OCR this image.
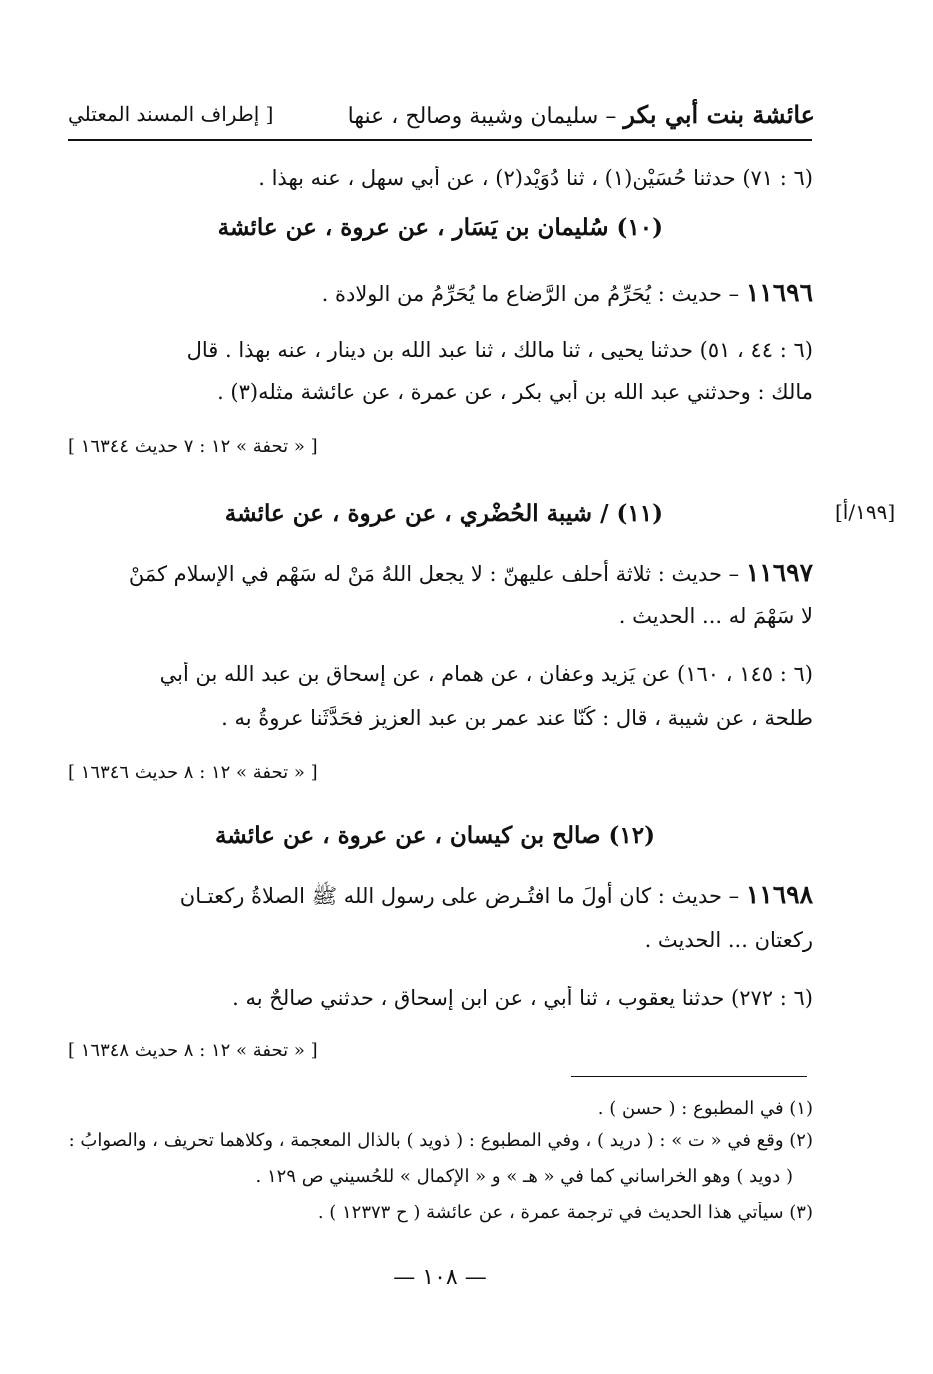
عائشة بنت أبي بكر – سليمان وشيبة وصالح ، عنها
[ إطراف المسند المعتلي
(٦ : ٧١) حدثنا حُسَيْن(١) ، ثنا دُوَيْد(٢) ، عن أبي سهل ، عنه بهذا .
(١٠) سُليمان بن يَسَار ، عن عروة ، عن عائشة
١١٦٩٦ – حديث : يُحَرِّمُ من الرَّضاع ما يُحَرِّمُ من الولادة .
(٦ : ٤٤ ، ٥١) حدثنا يحيى ، ثنا مالك ، ثنا عبد الله بن دينار ، عنه بهذا . قال
مالك : وحدثني عبد الله بن أبي بكر ، عن عمرة ، عن عائشة مثله(٣) .
[ « تحفة » ١٢ : ٧ حديث ١٦٣٤٤ ]
[١٩٩/أ]
(١١) / شيبة الحُضْري ، عن عروة ، عن عائشة
١١٦٩٧ – حديث : ثلاثة أحلف عليهنّ : لا يجعل اللهُ مَنْ له سَهْم في الإسلام كمَنْ
لا سَهْمَ له ... الحديث .
(٦ : ١٤٥ ، ١٦٠) عن يَزيد وعفان ، عن همام ، عن إسحاق بن عبد الله بن أبي
طلحة ، عن شيبة ، قال : كُنّا عند عمر بن عبد العزيز فحَدَّثَنا عروةُ به .
[ « تحفة » ١٢ : ٨ حديث ١٦٣٤٦ ]
(١٢) صالح بن كيسان ، عن عروة ، عن عائشة
١١٦٩٨ – حديث : كان أولَ ما افتُـرض على رسول الله ﷺ الصلاةُ ركعتـان
ركعتان ... الحديث .
(٦ : ٢٧٢) حدثنا يعقوب ، ثنا أبي ، عن ابن إسحاق ، حدثني صالحٌ به .
[ « تحفة » ١٢ : ٨ حديث ١٦٣٤٨ ]
(١) في المطبوع : ( حسن ) .
(٢) وقع في « ت » : ( دريد ) ، وفي المطبوع : ( ذويد ) بالذال المعجمة ، وكلاهما تحريف ، والصوابُ :
( دويد ) وهو الخراساني كما في « هـ » و « الإكمال » للحُسيني ص ١٢٩ .
(٣) سيأتي هذا الحديث في ترجمة عمرة ، عن عائشة ( ح ١٢٣٧٣ ) .
— ١٠٨ —
